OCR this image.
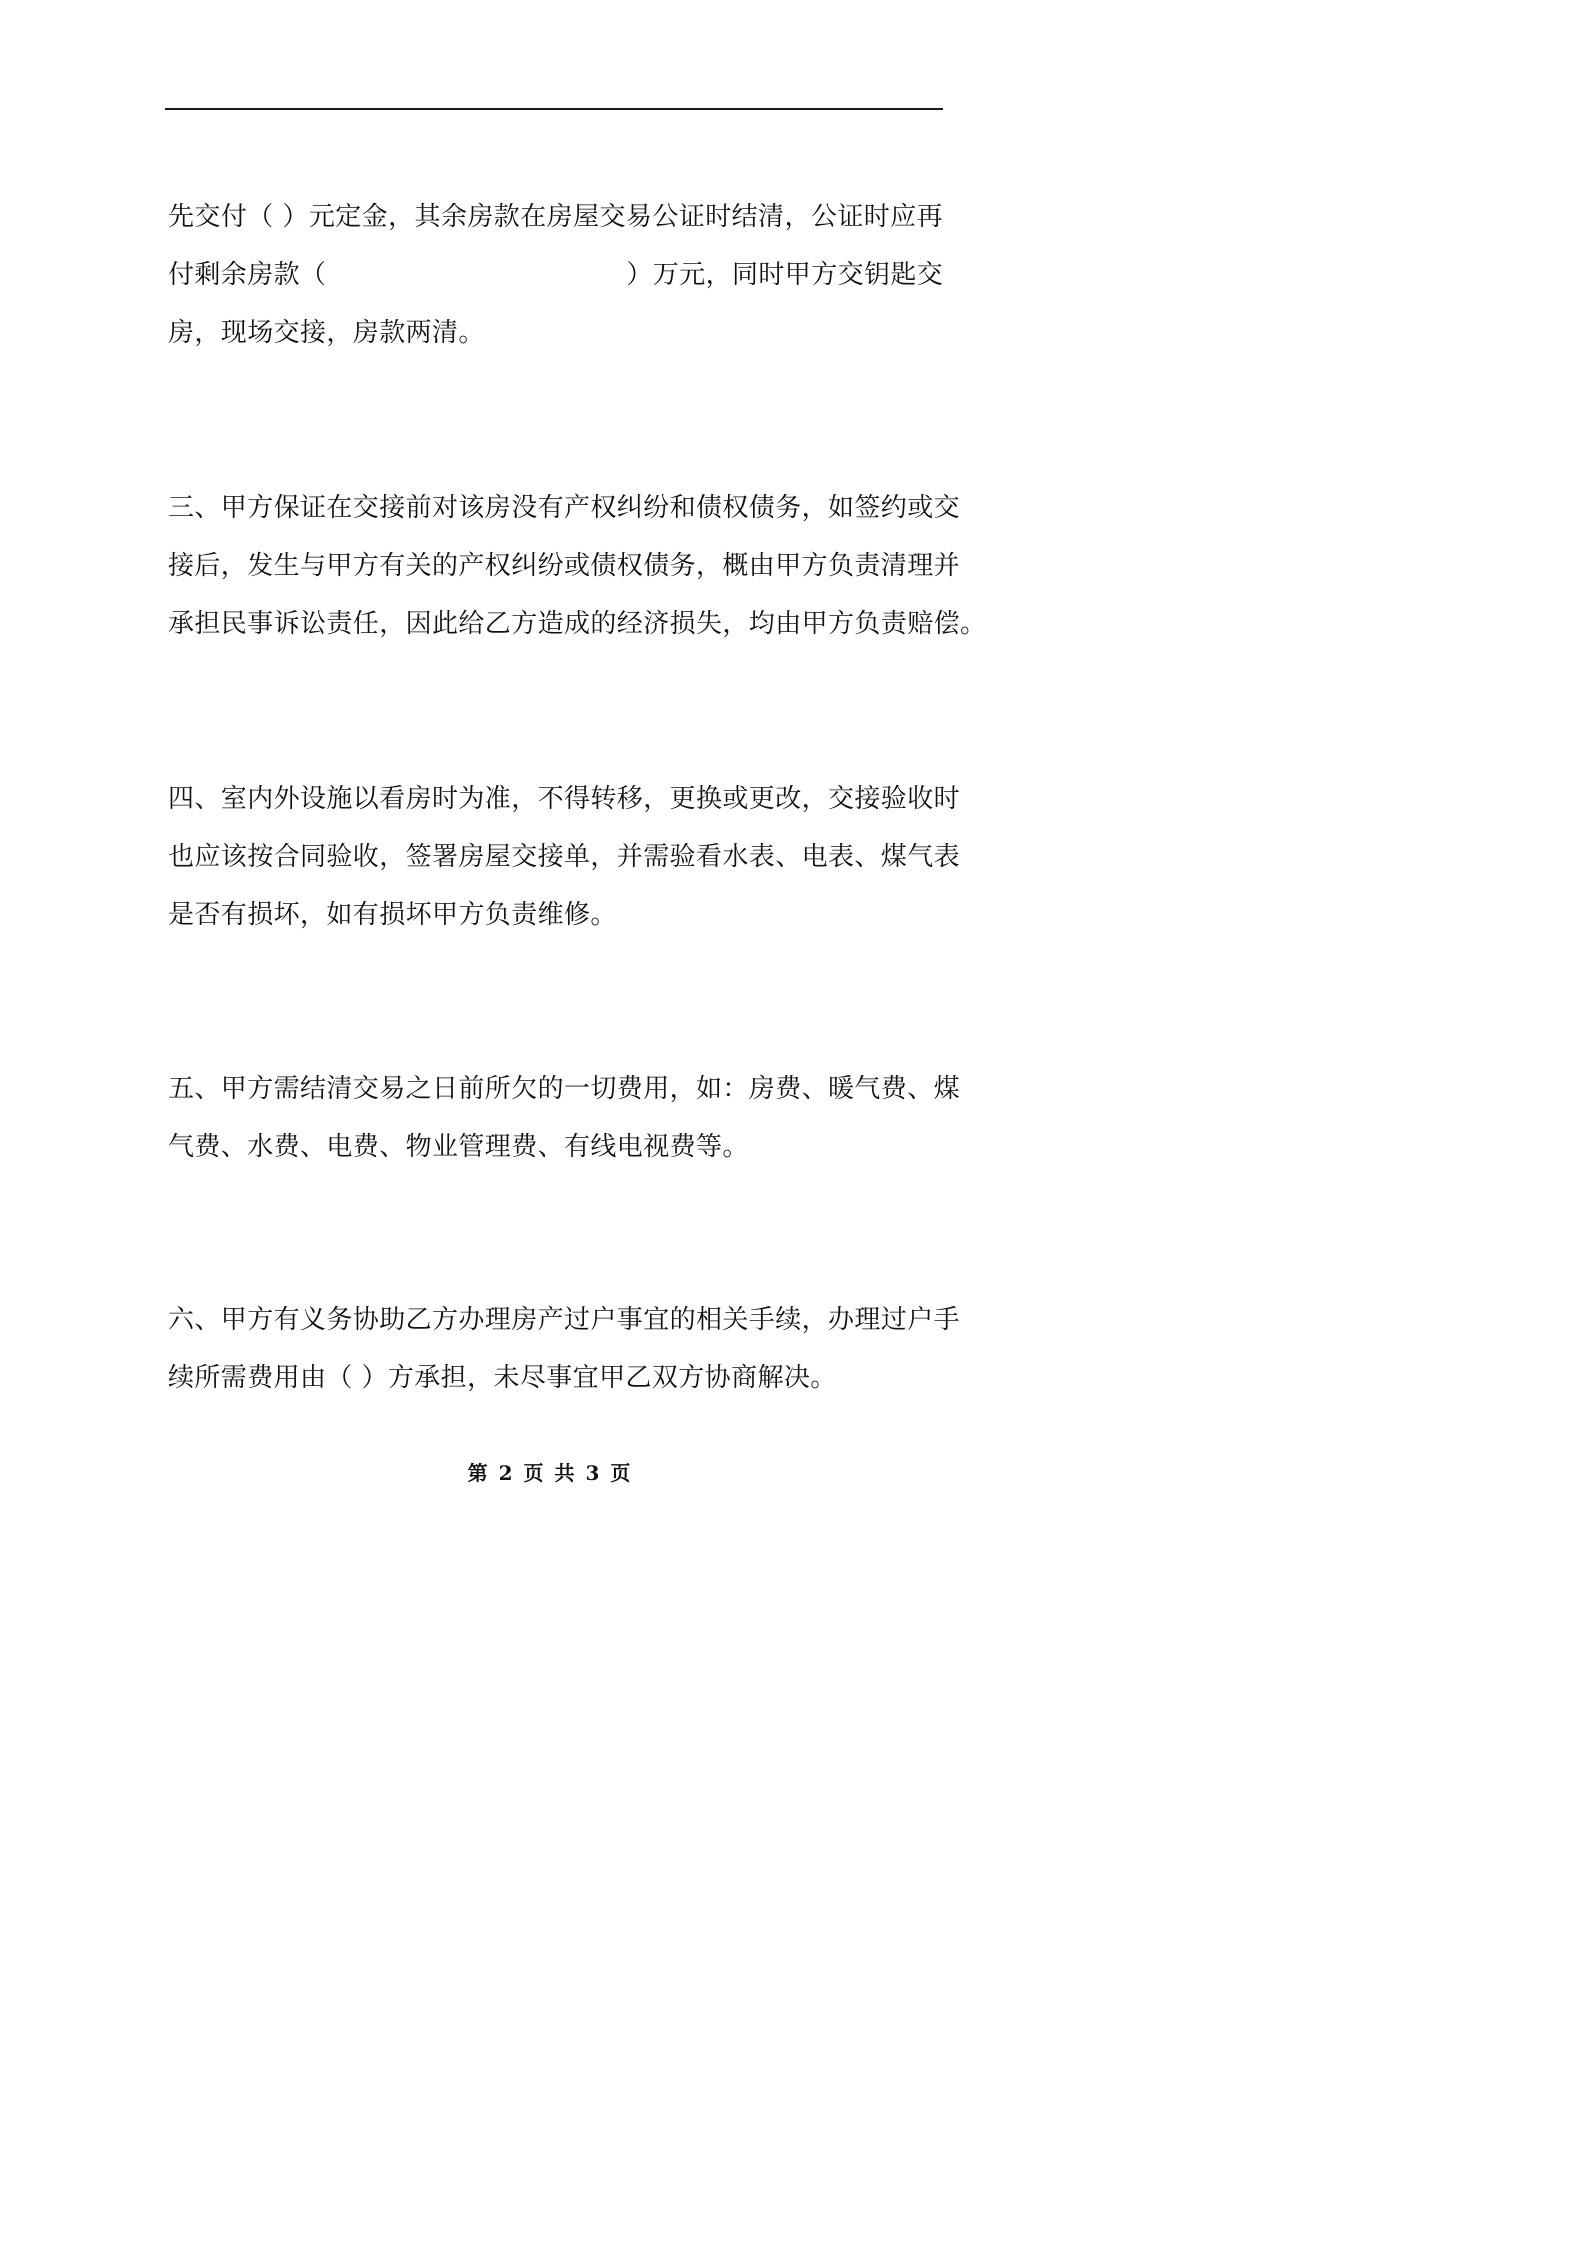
先交付（ ）元定金，其余房款在房屋交易公证时结清，公证时应再
付剩余房款（	）万元，同时甲方交钥匙交
房，现场交接，房款两清。

三、甲方保证在交接前对该房没有产权纠纷和债权债务，如签约或交
接后，发生与甲方有关的产权纠纷或债权债务，概由甲方负责清理并
承担民事诉讼责任，因此给乙方造成的经济损失，均由甲方负责赔偿。

四、室内外设施以看房时为准，不得转移，更换或更改，交接验收时
也应该按合同验收，签署房屋交接单，并需验看水表、电表、煤气表
是否有损坏，如有损坏甲方负责维修。

五、甲方需结清交易之日前所欠的一切费用，如：房费、暖气费、煤
气费、水费、电费、物业管理费、有线电视费等。

六、甲方有义务协助乙方办理房产过户事宜的相关手续，办理过户手
续所需费用由（ ）方承担，未尽事宜甲乙双方协商解决。

第 2 页 共 3 页
